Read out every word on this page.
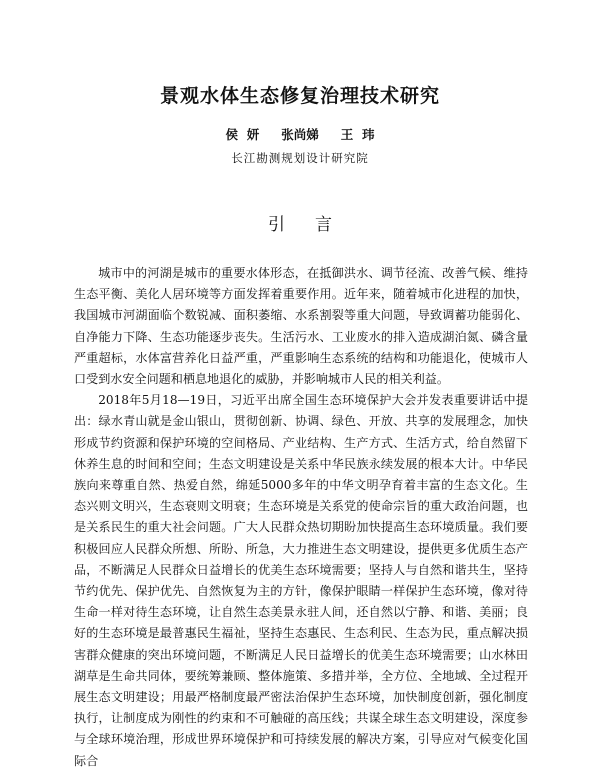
景观水体生态修复治理技术研究
侯  妍 张尚娣 王  玮
长江勘测规划设计研究院
引言

城市中的河湖是城市的重要水体形态，在抵御洪水、调节径流、改善气候、维持生态平衡、美化人居环境等方面发挥着重要作用。近年来，随着城市化进程的加快，我国城市河湖面临个数锐减、面积萎缩、水系割裂等重大问题，导致调蓄功能弱化、自净能力下降、生态功能逐步丧失。生活污水、工业废水的排入造成湖泊氮、磷含量严重超标，水体富营养化日益严重，严重影响生态系统的结构和功能退化，使城市人口受到水安全问题和栖息地退化的威胁，并影响城市人民的相关利益。

2018年5月18—19日，习近平出席全国生态环境保护大会并发表重要讲话中提出：绿水青山就是金山银山，贯彻创新、协调、绿色、开放、共享的发展理念，加快形成节约资源和保护环境的空间格局、产业结构、生产方式、生活方式，给自然留下休养生息的时间和空间；生态文明建设是关系中华民族永续发展的根本大计。中华民族向来尊重自然、热爱自然，绵延5000多年的中华文明孕育着丰富的生态文化。生态兴则文明兴，生态衰则文明衰；生态环境是关系党的使命宗旨的重大政治问题，也是关系民生的重大社会问题。广大人民群众热切期盼加快提高生态环境质量。我们要积极回应人民群众所想、所盼、所急，大力推进生态文明建设，提供更多优质生态产品，不断满足人民群众日益增长的优美生态环境需要；坚持人与自然和谐共生，坚持节约优先、保护优先、自然恢复为主的方针，像保护眼睛一样保护生态环境，像对待生命一样对待生态环境，让自然生态美景永驻人间，还自然以宁静、和谐、美丽；良好的生态环境是最普惠民生福祉，坚持生态惠民、生态利民、生态为民，重点解决损害群众健康的突出环境问题，不断满足人民日益增长的优美生态环境需要；山水林田湖草是生命共同体，要统筹兼顾、整体施策、多措并举，全方位、全地域、全过程开展生态文明建设；用最严格制度最严密法治保护生态环境，加快制度创新，强化制度执行，让制度成为刚性的约束和不可触碰的高压线；共谋全球生态文明建设，深度参与全球环境治理，形成世界环境保护和可持续发展的解决方案，引导应对气候变化国际合
